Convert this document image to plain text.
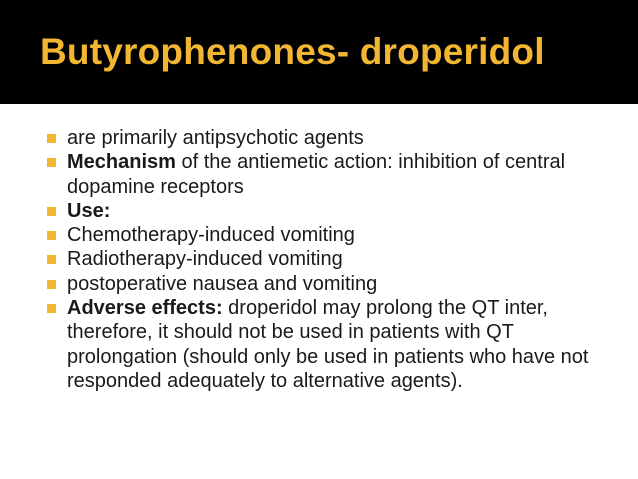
Butyrophenones- droperidol
are primarily antipsychotic agents
Mechanism of the antiemetic action: inhibition of central dopamine receptors
Use:
Chemotherapy-induced vomiting
Radiotherapy-induced vomiting
postoperative nausea and vomiting
Adverse effects: droperidol may prolong the QT inter, therefore, it should not be used in patients with QT prolongation (should only be used in patients who have not responded adequately to alternative agents).
